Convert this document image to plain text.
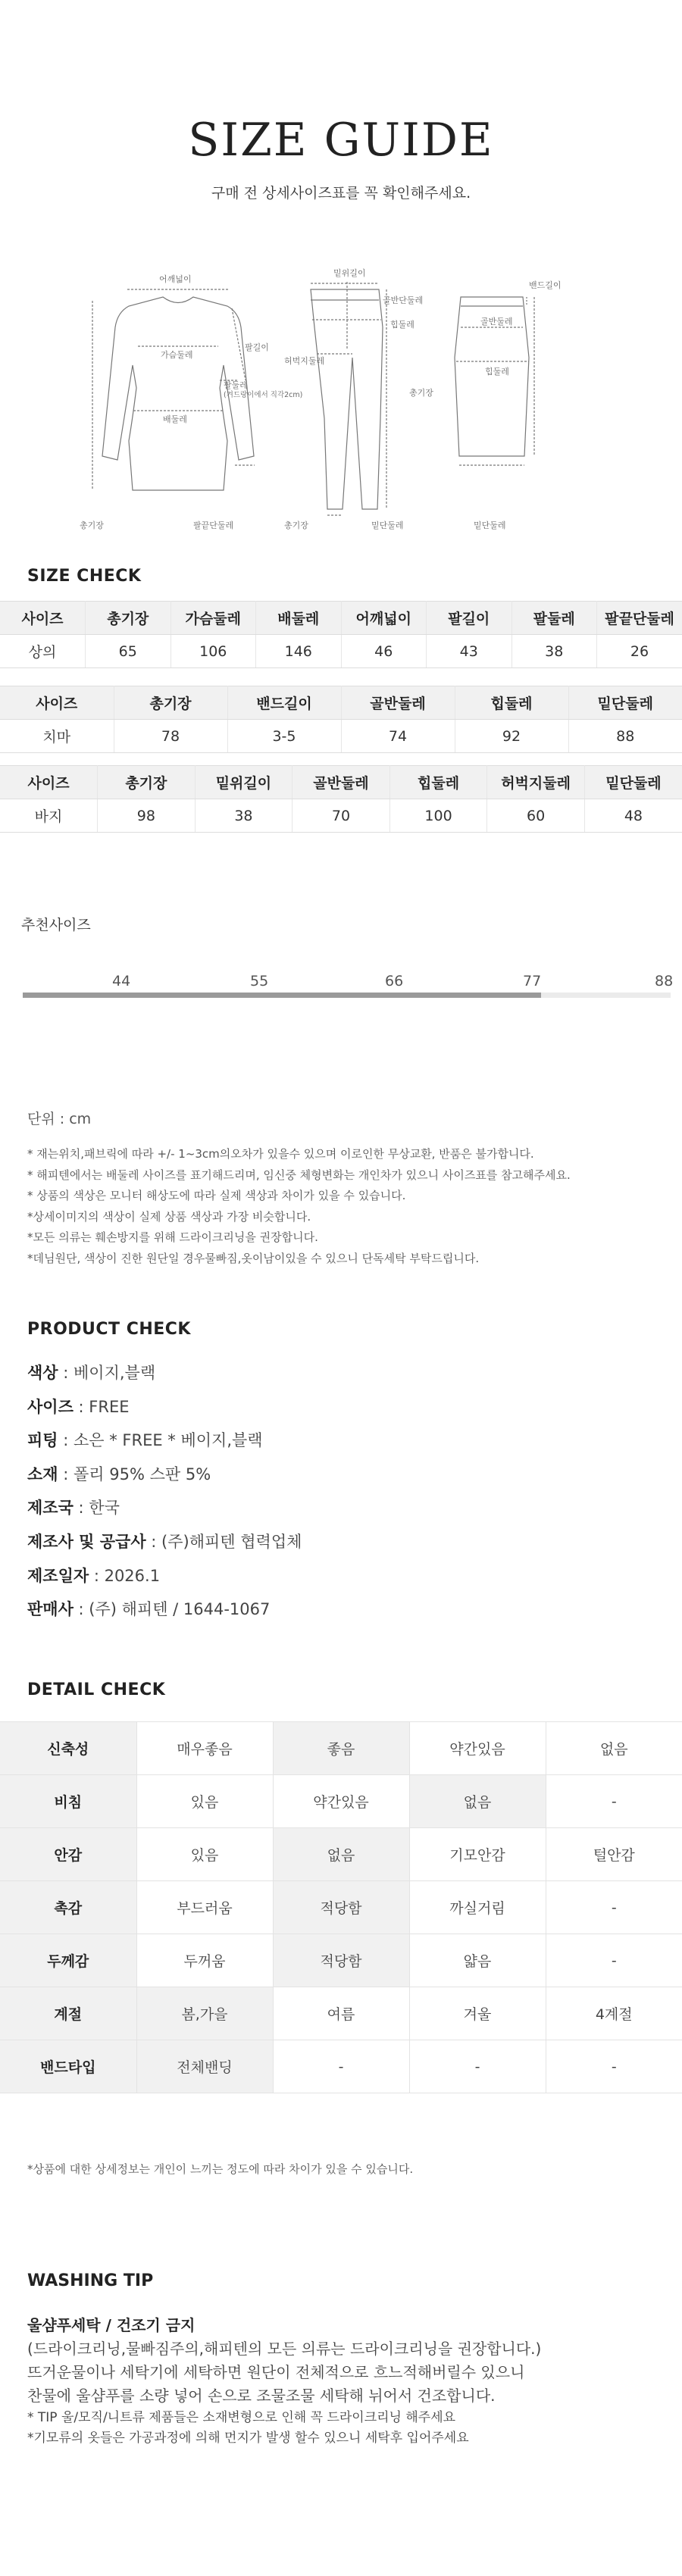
SIZE GUIDE
구매 전 상세사이즈표를 꼭 확인해주세요.
어깨넓이
가슴둘레
팔길이
팔둘레
(겨드랑이에서 직각2cm)
배둘레
총기장	팔끝단둘레
밑위길이
골반단둘레
힙둘레
허벅지둘레
총기장	밑단둘레
밴드길이
골반둘레
힙둘레
총기장
밑단둘레
SIZE CHECK
사이즈	총기장	가슴둘레	배둘레	어깨넓이	팔길이	팔둘레	팔끝단둘레
상의	65	106	146	46	43	38	26
사이즈	총기장	밴드길이	골반둘레	힙둘레	밑단둘레
치마	78	3-5	74	92	88
사이즈	총기장	밑위길이	골반둘레	힙둘레	허벅지둘레	밑단둘레
바지	98	38	70	100	60	48
추천사이즈
44	55	66	77	88
단위 : cm
* 재는위치,패브릭에 따라 +/- 1~3cm의오차가 있을수 있으며 이로인한 무상교환, 반품은 불가합니다.
* 해피텐에서는 배둘레 사이즈를 표기해드리며, 임신중 체형변화는 개인차가 있으니 사이즈표를 참고해주세요.
* 상품의 색상은 모니터 해상도에 따라 실제 색상과 차이가 있을 수 있습니다.
*상세이미지의 색상이 실제 상품 색상과 가장 비슷합니다.
*모든 의류는 훼손방지를 위해 드라이크리닝을 권장합니다.
*데님원단, 색상이 진한 원단일 경우물빠짐,옷이남이있을 수 있으니 단독세탁 부탁드립니다.
PRODUCT CHECK
색상 : 베이지,블랙
사이즈 : FREE
피팅 : 소은 * FREE * 베이지,블랙
소재 : 폴리 95% 스판 5%
제조국 : 한국
제조사 및 공급사 : (주)해피텐 협력업체
제조일자 : 2026.1
판매사 : (주) 해피텐 / 1644-1067
DETAIL CHECK
신축성	매우좋음	좋음	약간있음	없음
비침	있음	약간있음	없음	-
안감	있음	없음	기모안감	털안감
촉감	부드러움	적당함	까실거림	-
두께감	두꺼움	적당함	얇음	-
계절	봄,가을	여름	겨울	4계절
밴드타입	전체밴딩	-	-	-
*상품에 대한 상세정보는 개인이 느끼는 정도에 따라 차이가 있을 수 있습니다.
WASHING TIP
울샴푸세탁 / 건조기 금지
(드라이크리닝,물빠짐주의,해피텐의 모든 의류는 드라이크리닝을 권장합니다.)
뜨거운물이나 세탁기에 세탁하면 원단이 전체적으로 흐느적해버릴수 있으니
찬물에 울샴푸를 소량 넣어 손으로 조물조물 세탁해 뉘어서 건조합니다.
* TIP 울/모직/니트류 제품들은 소재변형으로 인해 꼭 드라이크리닝 해주세요
*기모류의 옷들은 가공과정에 의해 먼지가 발생 할수 있으니 세탁후 입어주세요
